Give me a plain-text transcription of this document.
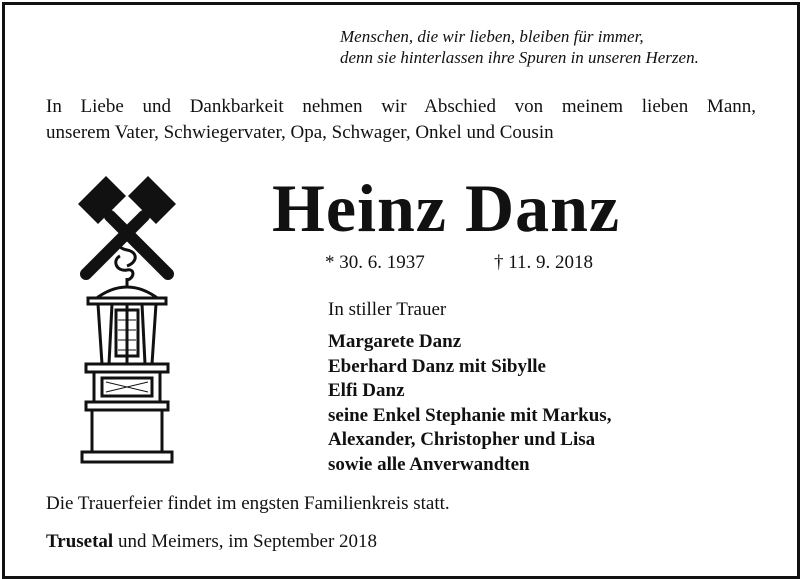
Menschen, die wir lieben, bleiben für immer,
denn sie hinterlassen ihre Spuren in unseren Herzen.
In Liebe und Dankbarkeit nehmen wir Abschied von meinem lieben Mann,
unserem Vater, Schwiegervater, Opa, Schwager, Onkel und Cousin
Heinz Danz
* 30. 6. 1937	† 11. 9. 2018
In stiller Trauer
Margarete Danz
Eberhard Danz mit Sibylle
Elfi Danz
seine Enkel Stephanie mit Markus,
Alexander, Christopher und Lisa
sowie alle Anverwandten
Die Trauerfeier findet im engsten Familienkreis statt.
Trusetal und Meimers, im September 2018
